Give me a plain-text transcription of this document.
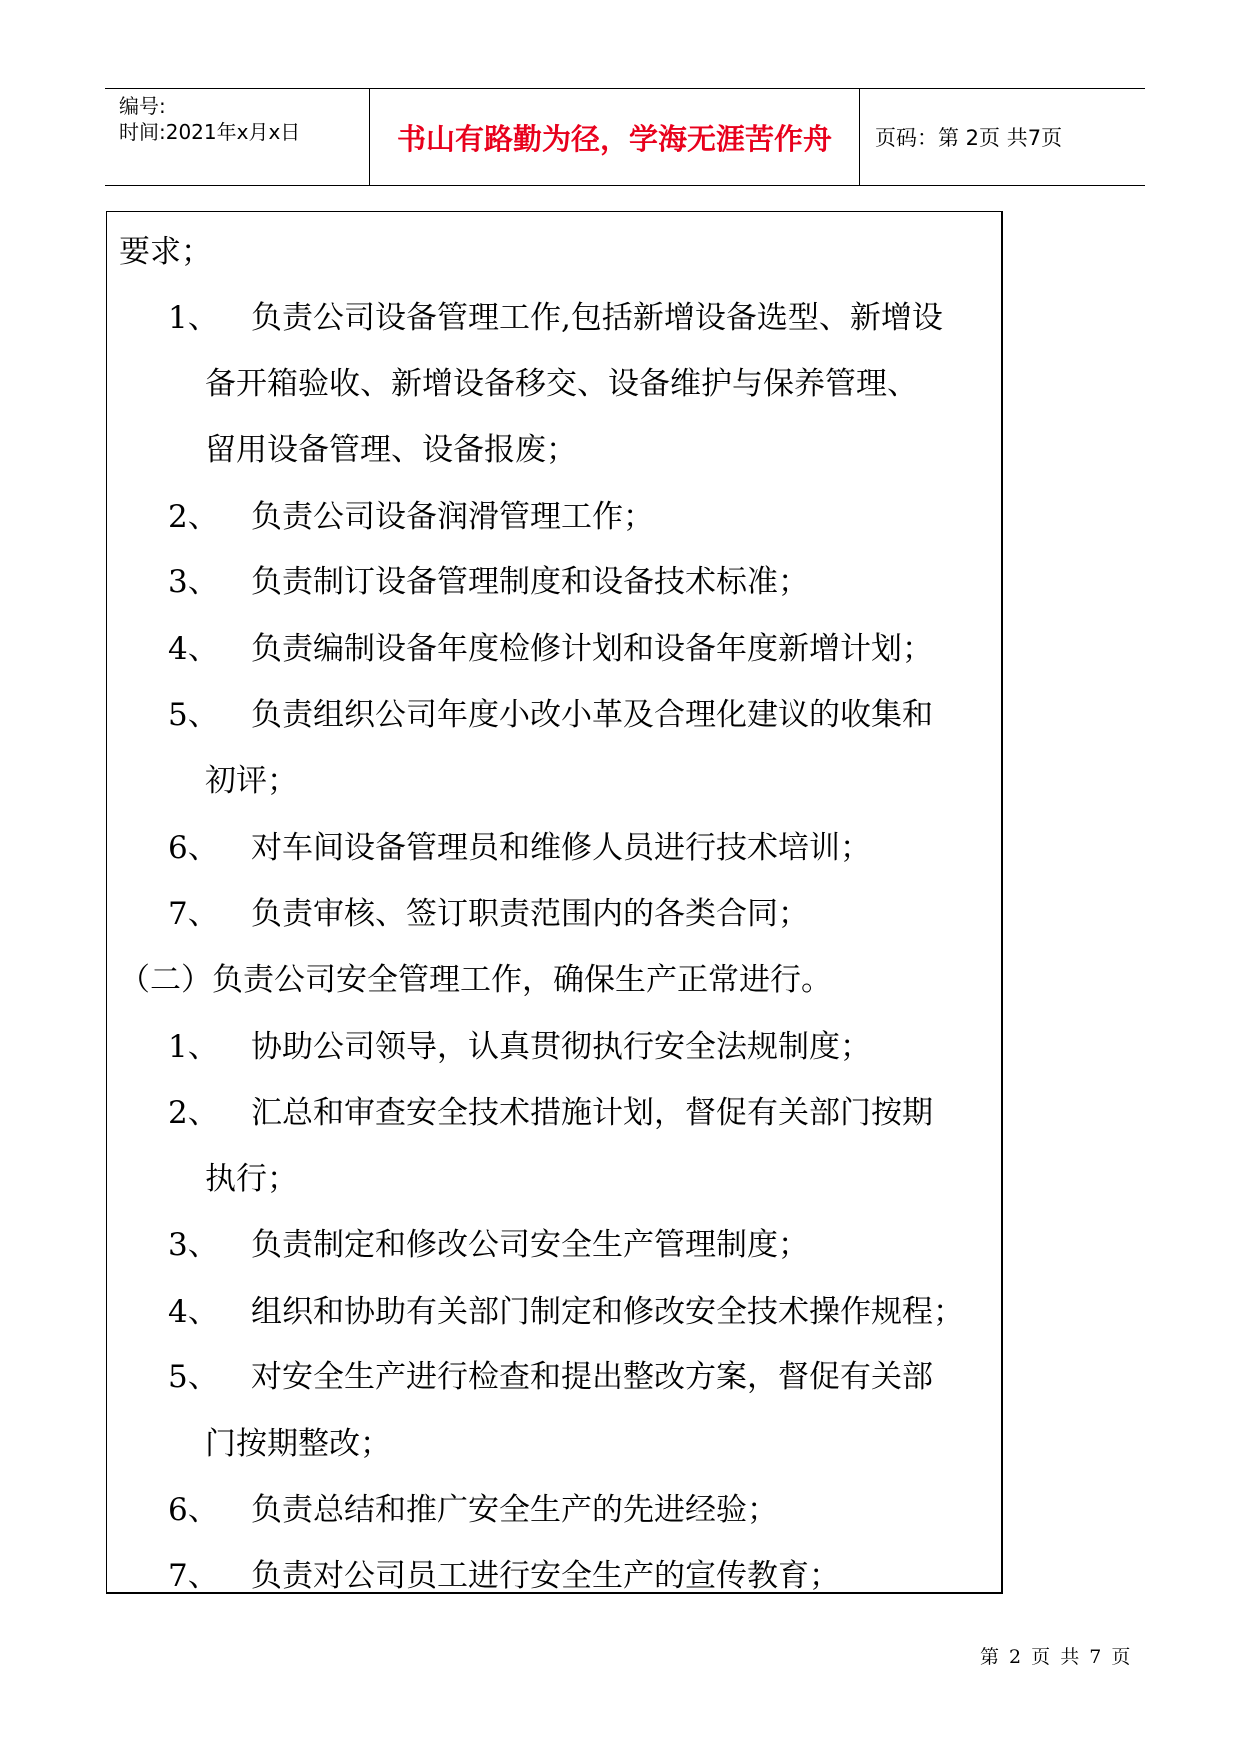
编号:
时间:2021年x月x日	书山有路勤为径，学海无涯苦作舟	页码：第 2页 共7页
要求；
1、 负责公司设备管理工作,包括新增设备选型、新增设
备开箱验收、新增设备移交、设备维护与保养管理、
留用设备管理、设备报废；
2、 负责公司设备润滑管理工作；
3、 负责制订设备管理制度和设备技术标准；
4、 负责编制设备年度检修计划和设备年度新增计划；
5、 负责组织公司年度小改小革及合理化建议的收集和
初评；
6、 对车间设备管理员和维修人员进行技术培训；
7、 负责审核、签订职责范围内的各类合同；
（二）负责公司安全管理工作，确保生产正常进行。
1、 协助公司领导，认真贯彻执行安全法规制度；
2、 汇总和审查安全技术措施计划，督促有关部门按期
执行；
3、 负责制定和修改公司安全生产管理制度；
4、 组织和协助有关部门制定和修改安全技术操作规程；
5、 对安全生产进行检查和提出整改方案，督促有关部
门按期整改；
6、 负责总结和推广安全生产的先进经验；
7、 负责对公司员工进行安全生产的宣传教育；
第 2 页 共 7 页
